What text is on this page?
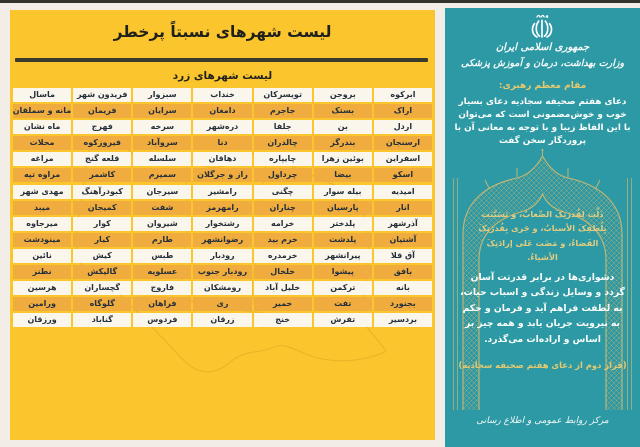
لیست شهرهای نسبتاً پرخطر
لیست شهرهای زرد
ابرکوه
بروجن
تویسرکان
خنداب
سبزوار
فریدون شهر
ماسال
اراک
بستک
جاجرم
دامغان
سرایان
فریمان
مانه و سملقان
اردل
بن
جلفا
دره‌شهر
سرخه
فهرج
ماه نشان
ارسنجان
بندرگز
چالدران
دنا
سروآباد
فیروزکوه
محلات
اسفراین
بوئین زهرا
چایپاره
دهاقان
سلسله
قلعه گنج
مراغه
اسکو
بیضا
چرداول
راز و جرگلان
سمیرم
کاشمر
مراوه تپه
امیدیه
بیله سوار
چگنی
رامشیر
سیرجان
کبودرآهنگ
مهدی شهر
انار
پارسیان
چناران
رامهرمز
شفت
کمیجان
میبد
آذرشهر
پلدختر
خرامه
رشتخوار
شیروان
کوار
میرجاوه
آشتیان
پلدشت
خرم بید
رضوانشهر
طارم
کیار
مینودشت
آق قلا
پیرانشهر
خرمدره
رودبار
طبس
کیش
نائین
بافق
پیشوا
خلخال
رودبار جنوب
عسلویه
گالیکش
نطنز
بانه
ترکمن
خلیل آباد
رومشکان
فاروج
گچساران
هرسین
بجنورد
تفت
خمیر
ری
فراهان
گلوگاه
ورامین
بردسیر
تفرش
خنج
زرقان
فردوس
گناباد
ورزقان
جمهوری اسلامی ایران
وزارت بهداشت، درمان و آموزش پزشکی
مقام معظم رهبری:

دعای هفتم صحیفه سجادیه دعای بسیار خوب و خوش‌مضمونی است که می‌توان با این الفاظ زیبا و با توجه به معانی آن با پروردگار سخن گفت

ذَلَّت لِقُدرَتِکَ الصِّعابُ، و تَسَبَّبَت بِلُطفِکَ الأسبابُ، و جَری بِقُدرَتِکَ القَضاءُ، و مَضَت عَلی إرادَتِکَ الأشیاءُ.

دشواری‌ها در برابر قدرتت آسان گردد و وسایل زندگی و اسباب حیات، به لطفت فراهم آید و فرمان و حکم به نیرویت جریان یابد و همه چیز بر اساس و اراده‌ات می‌گذرد.

(فراز دوم از دعای هفتم صحیفه سجادیه)
مرکز روابط عمومی و اطلاع رسانی
